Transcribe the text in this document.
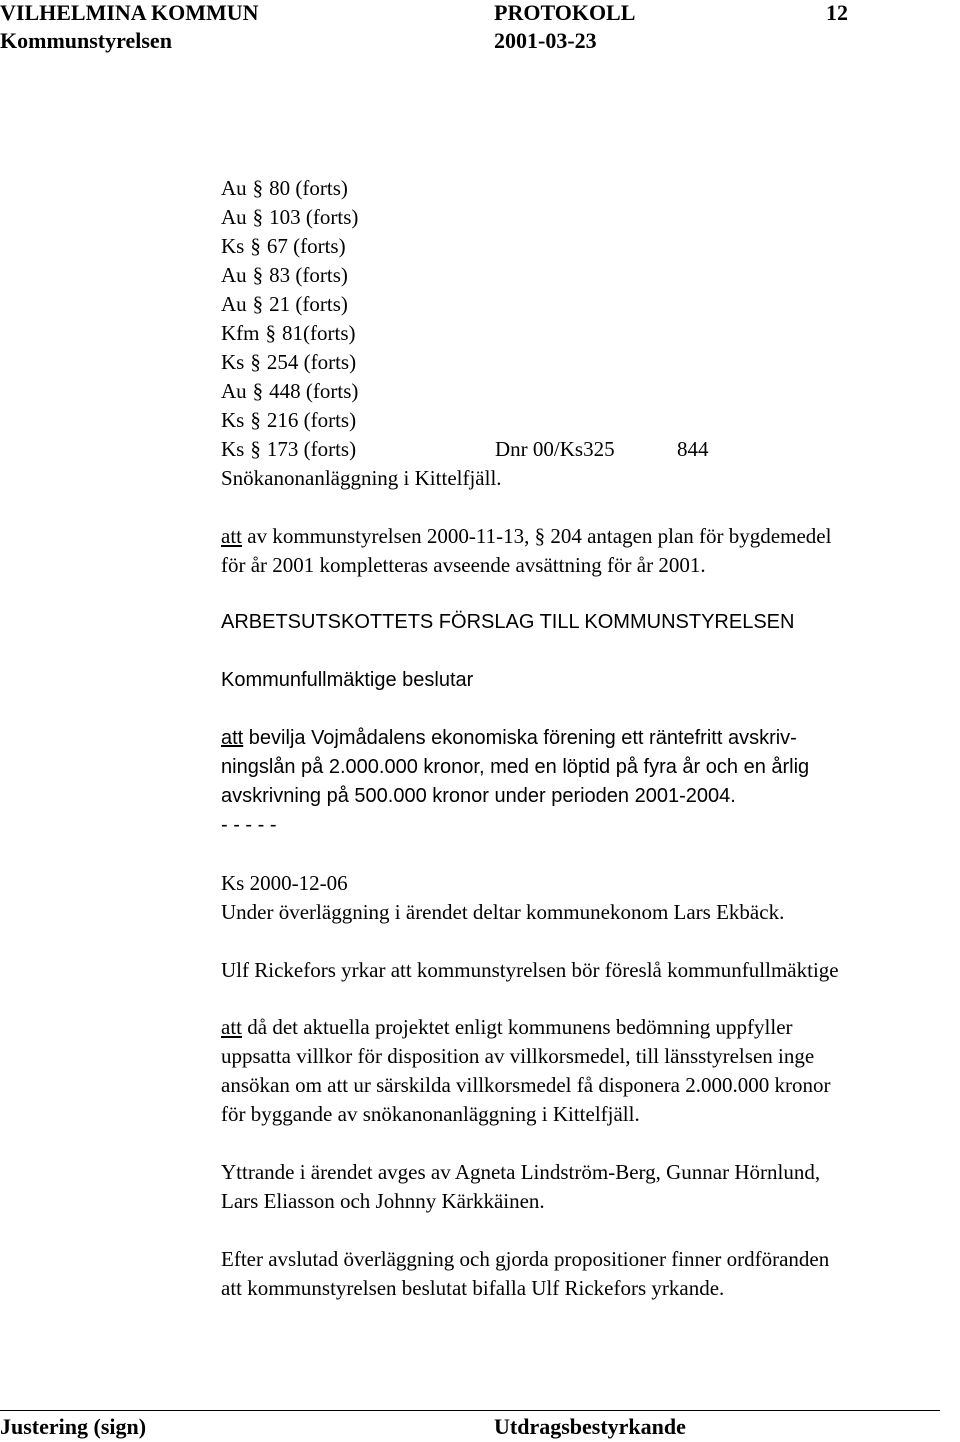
VILHELMINA KOMMUN	PROTOKOLL	12
Kommunstyrelsen	2001-03-23
Au § 80 (forts)
Au § 103 (forts)
Ks § 67 (forts)
Au § 83 (forts)
Au § 21 (forts)
Kfm § 81(forts)
Ks § 254 (forts)
Au § 448 (forts)
Ks § 216 (forts)
Ks § 173 (forts)	Dnr 00/Ks325	844
Snökanonanläggning i Kittelfjäll.
att av kommunstyrelsen 2000-11-13, § 204 antagen plan för bygdemedel
för år 2001 kompletteras avseende avsättning för år 2001.
ARBETSUTSKOTTETS FÖRSLAG TILL KOMMUNSTYRELSEN
Kommunfullmäktige beslutar
att bevilja Vojmådalens ekonomiska förening ett räntefritt avskriv-
ningslån på 2.000.000 kronor, med en löptid på fyra år och en årlig
avskrivning på 500.000 kronor under perioden 2001-2004.
- - - - -
Ks 2000-12-06
Under överläggning i ärendet deltar kommunekonom Lars Ekbäck.
Ulf Rickefors yrkar att kommunstyrelsen bör föreslå kommunfullmäktige
att då det aktuella projektet enligt kommunens bedömning uppfyller
uppsatta villkor för disposition av villkorsmedel, till länsstyrelsen inge
ansökan om att ur särskilda villkorsmedel få disponera 2.000.000 kronor
för byggande av snökanonanläggning i Kittelfjäll.
Yttrande i ärendet avges av Agneta Lindström-Berg, Gunnar Hörnlund,
Lars Eliasson och Johnny Kärkkäinen.
Efter avslutad överläggning och gjorda propositioner finner ordföranden
att kommunstyrelsen beslutat bifalla Ulf Rickefors yrkande.
Justering (sign)	Utdragsbestyrkande
